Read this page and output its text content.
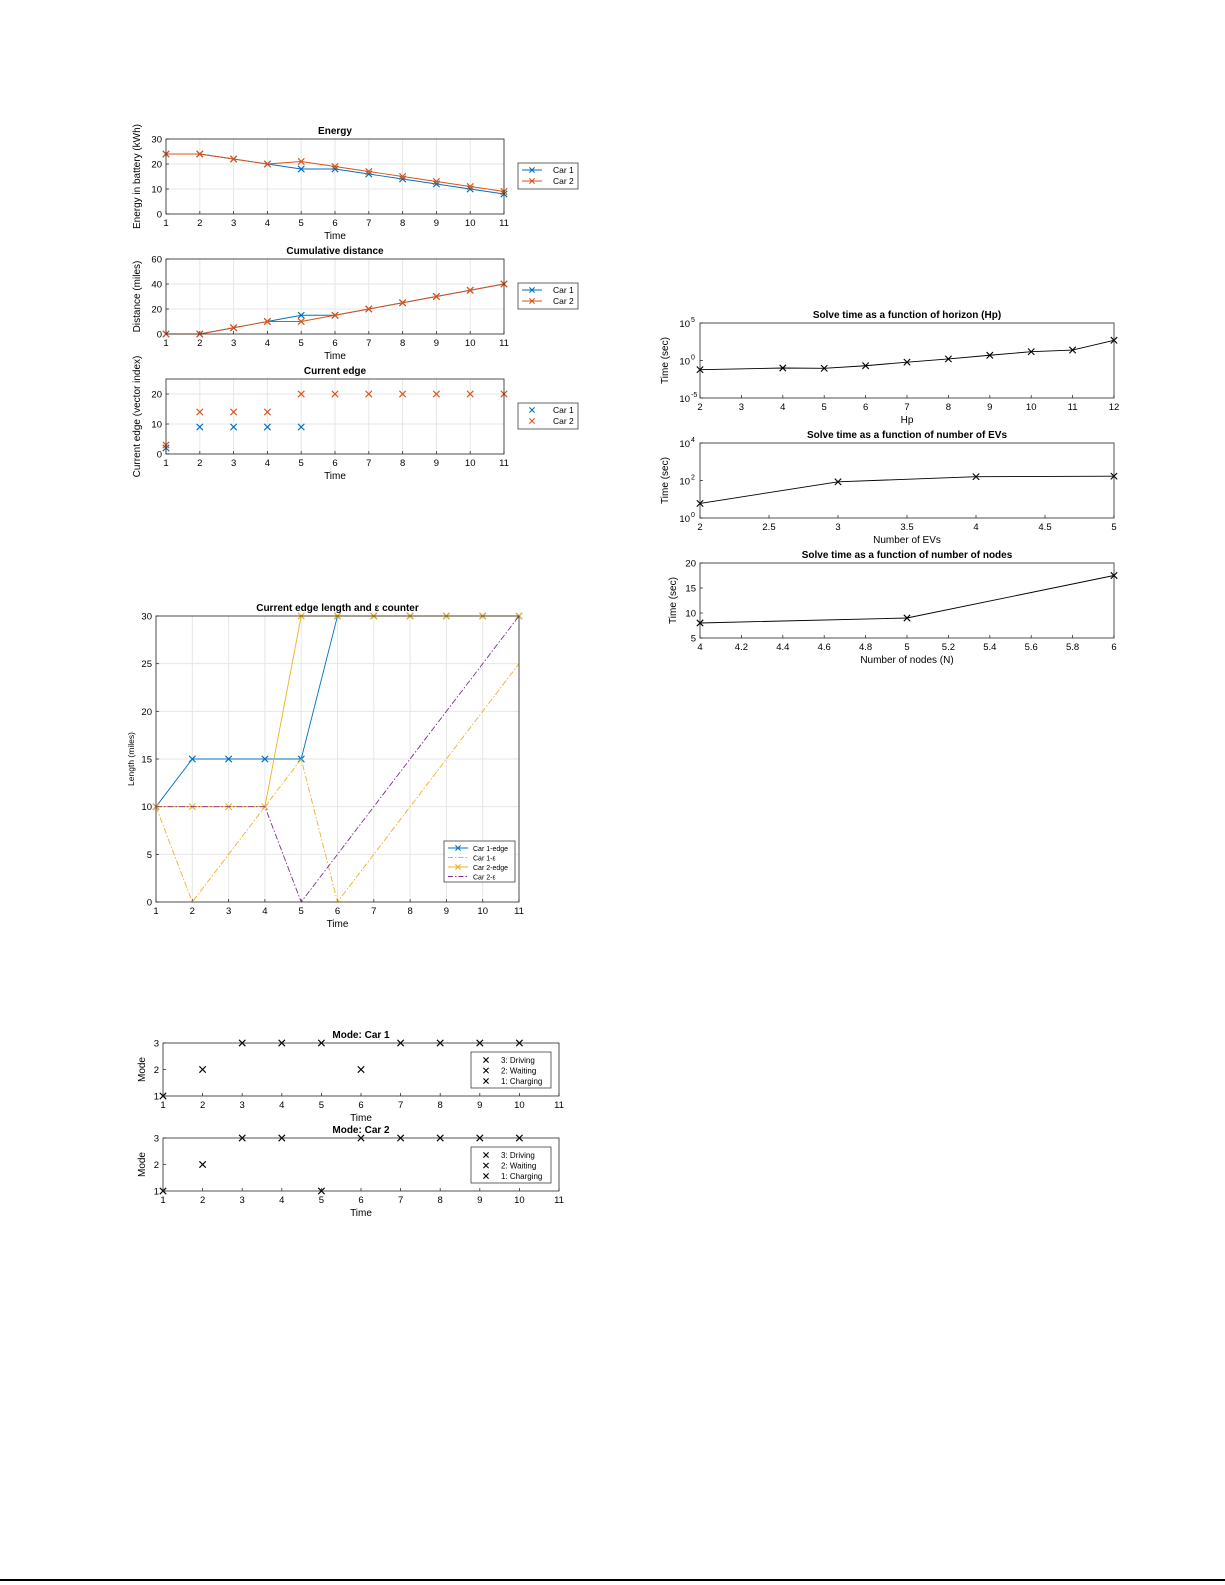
1	2	3	4	5	6	7	8	9	10 11
0
10
20
30
Energy
Time
Energy in battery (kWh)	Car 1
Car 2
1	2	3	4	5	6	7	8	9	10 11
0
20
40
60
Cumulative distance
Time
Distance (miles)	Car 1
Car 2
1	2	3	4	5	6	7	8	9	10 11
0
10
20
Current edge
Time
Current edge (vector index)	Car 1
Car 2
1	2	3	4	5	6	7	8	9	10	11
0
5
10
15
20
25
30
Current edge length and ε counter
Time
Length (miles)
Car 1-edge
Car 1-ε
Car 2-edge
Car 2-ε
1	2	3	4	5	6	7	8	9	10	11
1
2
3
Mode: Car 1
Time
Mode	3: Driving
2: Waiting
1: Charging
1	2	3	4	5	6	7	8	9	10	11
1
2
3
Mode: Car 2
Time
Mode	3: Driving
2: Waiting
1: Charging
2	3	4	5	6	7	8	9	10	11	12
10 -5
10 0
10 5	Solve time as a function of horizon (Hp)
Hp
Time (sec)
2	2.5	3	3.5	4	4.5	5
10 0
10 2
10 4	Solve time as a function of number of EVs
Number of EVs
Time (sec)
4	4.2	4.4	4.6	4.8	5	5.2	5.4	5.6	5.8	6
5
10
15
20
Solve time as a function of number of nodes
Number of nodes (N)
Time (sec)
